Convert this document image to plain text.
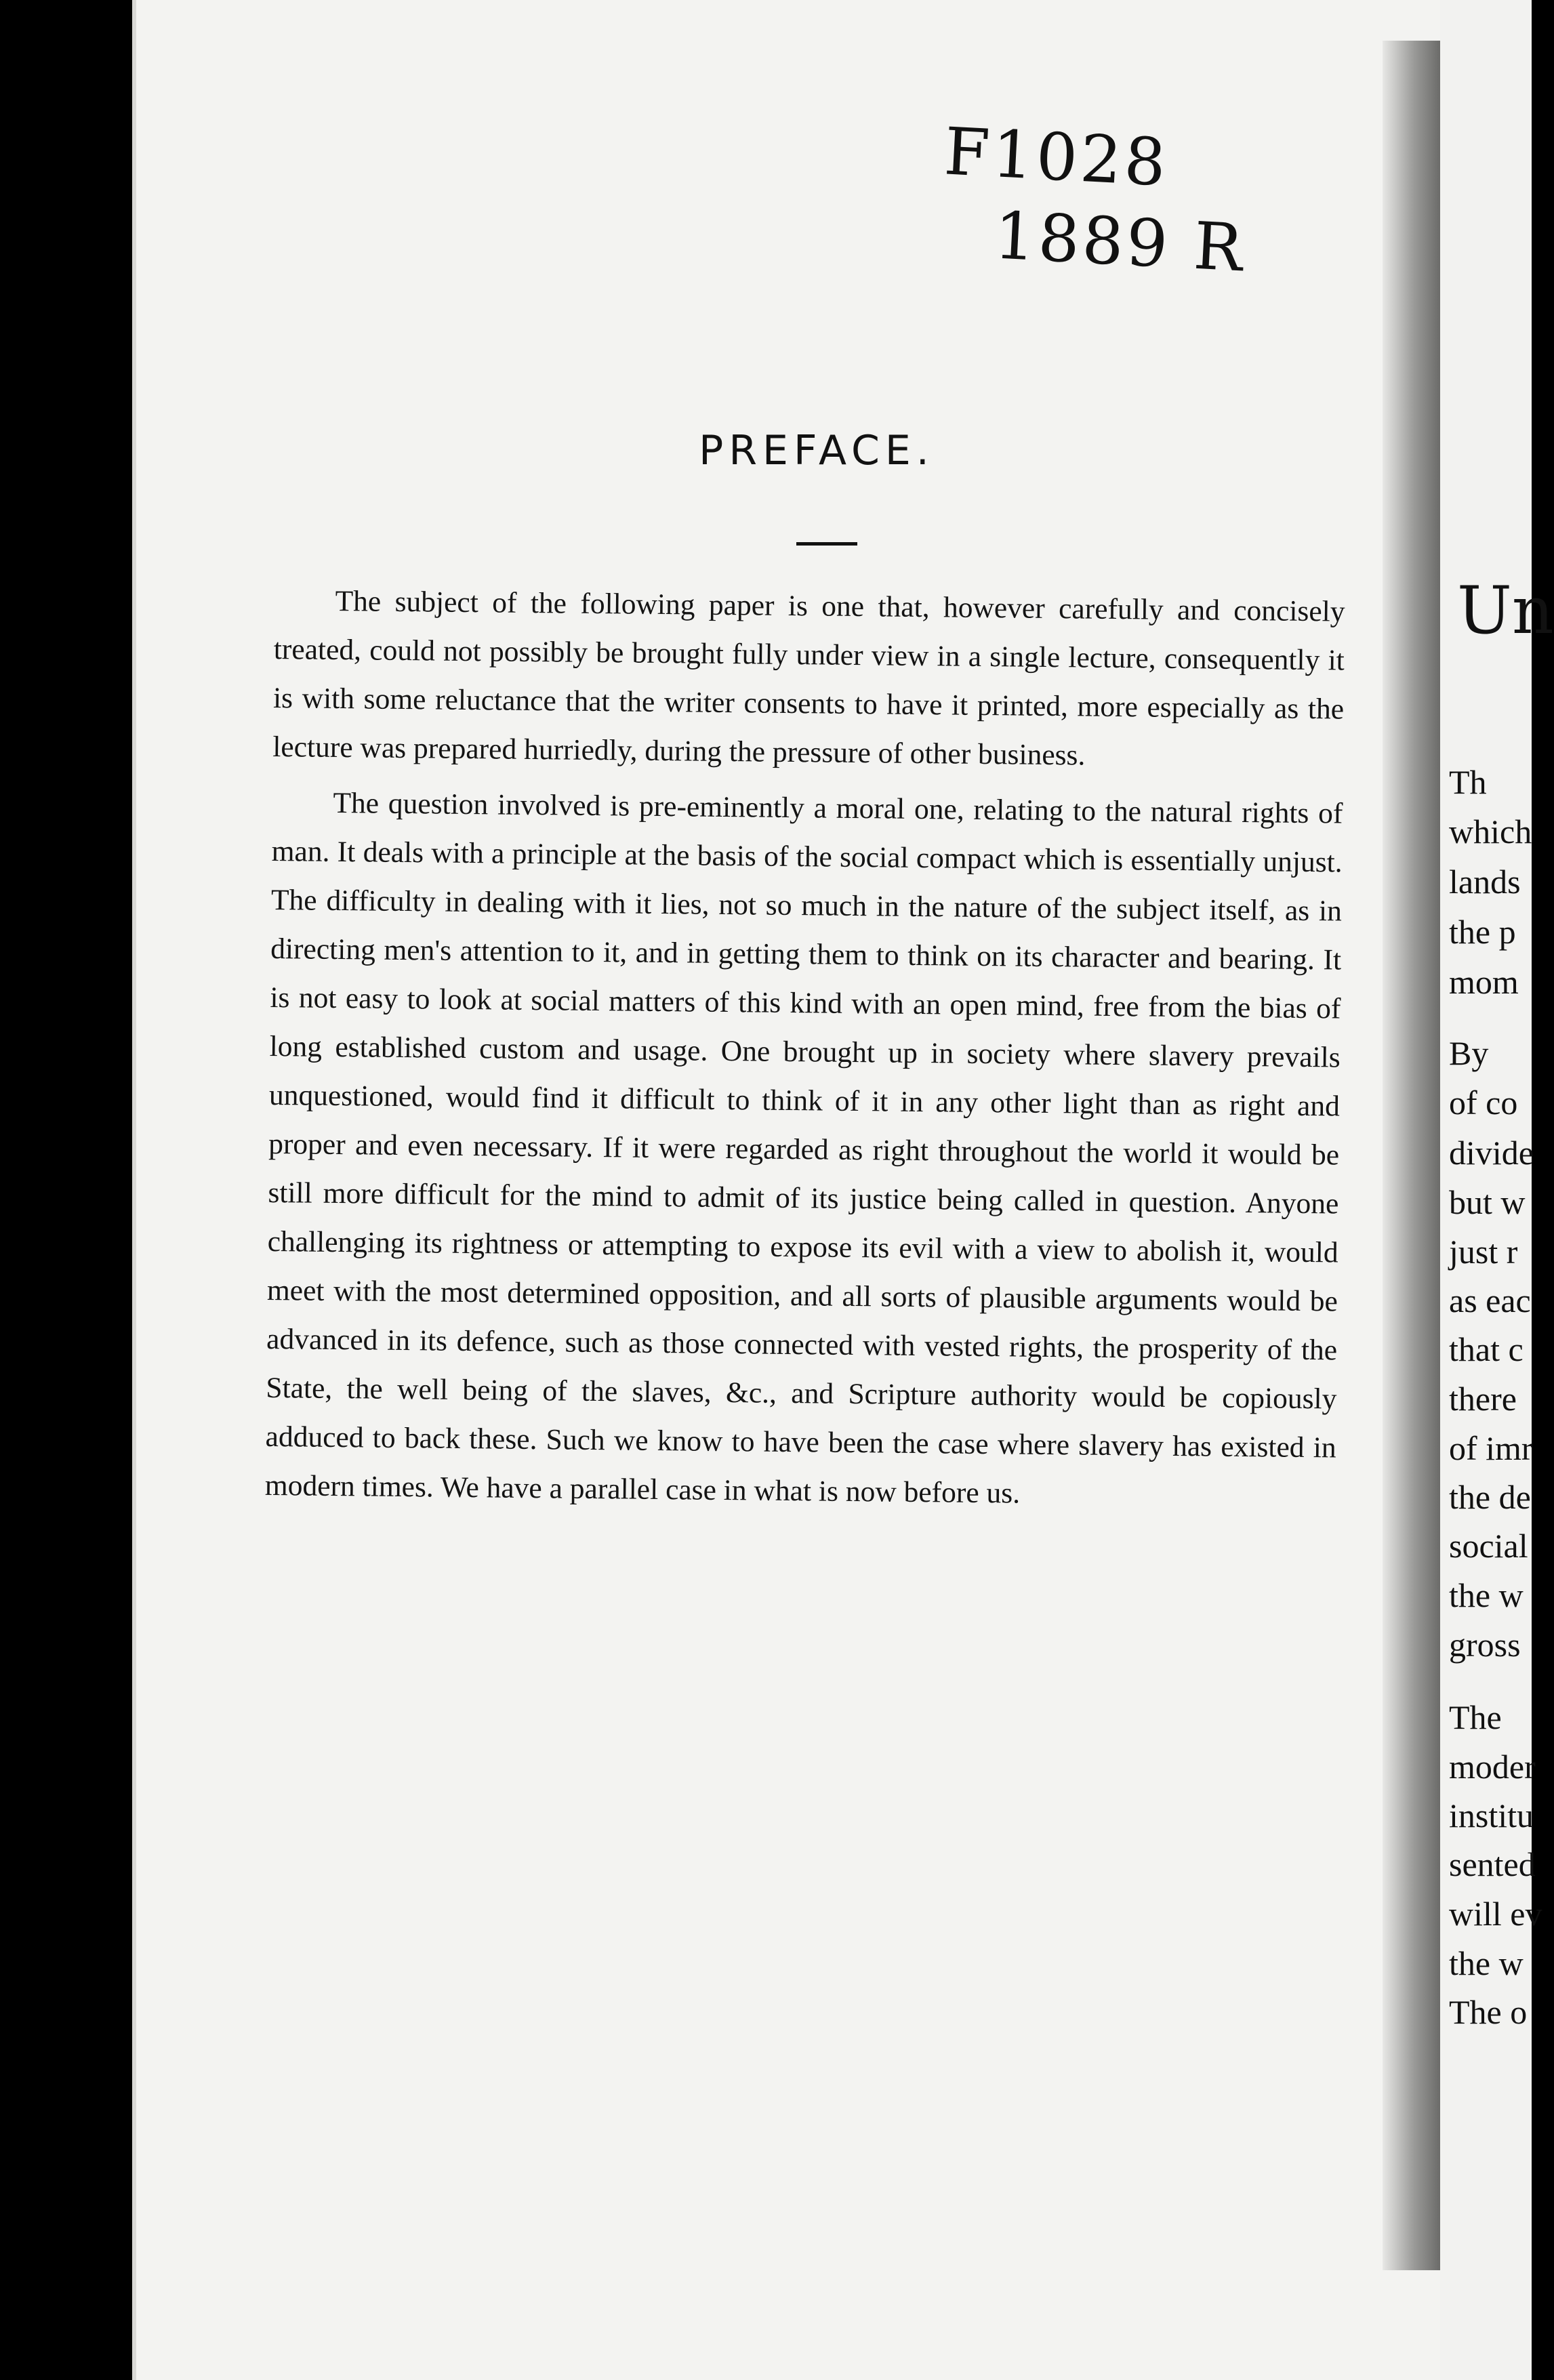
F1028
1889 R
PREFACE.

The subject of the following paper is one that, however carefully and concisely treated, could not possibly be brought fully under view in a single lecture, consequently it is with some reluctance that the writer consents to have it printed, more especially as the lecture was prepared hurriedly, during the pressure of other business.

The question involved is pre-eminently a moral one, relating to the natural rights of man. It deals with a principle at the basis of the social compact which is essentially unjust. The difficulty in dealing with it lies, not so much in the nature of the subject itself, as in directing men's attention to it, and in getting them to think on its character and bearing. It is not easy to look at social matters of this kind with an open mind, free from the bias of long established custom and usage. One brought up in society where slavery prevails unquestioned, would find it difficult to think of it in any other light than as right and proper and even necessary. If it were regarded as right throughout the world it would be still more difficult for the mind to admit of its justice being called in question. Anyone challenging its rightness or attempting to expose its evil with a view to abolish it, would meet with the most determined opposition, and all sorts of plausible arguments would be advanced in its defence, such as those connected with vested rights, the prosperity of the State, the well being of the slaves, &c., and Scripture authority would be copiously adduced to back these. Such we know to have been the case where slavery has existed in modern times. We have a parallel case in what is now before us.

Un
Th
which
lands
the p
mom
By
of co
divide
but w
just r
as eac
that c
there
of imr
the de
social
the w
gross
The
moder
institu
sented
will ev
the w
The o
